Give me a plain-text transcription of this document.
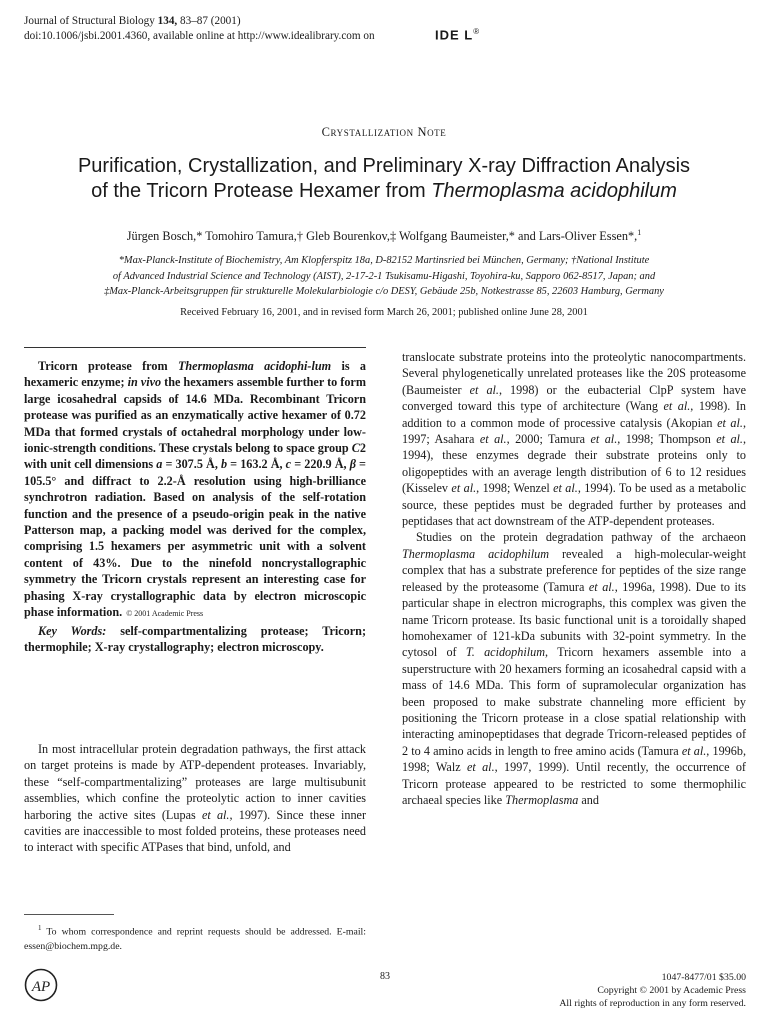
Journal of Structural Biology 134, 83–87 (2001)
doi:10.1006/jsbi.2001.4360, available online at http://www.idealibrary.com on	IDE L®
Crystallization Note
Purification, Crystallization, and Preliminary X-ray Diffraction Analysis
of the Tricorn Protease Hexamer from Thermoplasma acidophilum
Jürgen Bosch,* Tomohiro Tamura,† Gleb Bourenkov,‡ Wolfgang Baumeister,* and Lars-Oliver Essen*,$^1$
*Max-Planck-Institute of Biochemistry, Am Klopferspitz 18a, D-82152 Martinsried bei München, Germany; †National Institute
of Advanced Industrial Science and Technology (AIST), 2-17-2-1 Tsukisamu-Higashi, Toyohira-ku, Sapporo 062-8517, Japan; and
‡Max-Planck-Arbeitsgruppen für strukturelle Molekularbiologie c/o DESY, Gebäude 25b, Notkestrasse 85, 22603 Hamburg, Germany
Received February 16, 2001, and in revised form March 26, 2001; published online June 28, 2001

Tricorn protease from Thermoplasma acidophi-lum is a hexameric enzyme; in vivo the hexamers assemble further to form large icosahedral capsids of 14.6 MDa. Recombinant Tricorn protease was purified as an enzymatically active hexamer of 0.72 MDa that formed crystals of octahedral morphology under low-ionic-strength conditions. These crystals belong to space group C2 with unit cell dimensions a = 307.5 Å, b = 163.2 Å, c = 220.9 Å, β = 105.5° and diffract to 2.2-Å resolution using high-brilliance synchrotron radiation. Based on analysis of the self-rotation function and the presence of a pseudo-origin peak in the native Patterson map, a packing model was derived for the complex, comprising 1.5 hexamers per asymmetric unit with a solvent content of 43%. Due to the ninefold noncrystallographic symmetry the Tricorn crystals represent an interesting case for phasing X-ray crystallographic data by electron microscopic phase information. © 2001 Academic Press

Key Words: self-compartmentalizing protease; Tricorn; thermophile; X-ray crystallography; electron microscopy.

In most intracellular protein degradation pathways, the first attack on target proteins is made by ATP-dependent proteases. Invariably, these “self-compartmentalizing” proteases are large multisubunit assemblies, which confine the proteolytic action to inner cavities harboring the active sites (Lupas et al., 1997). Since these inner cavities are inaccessible to most folded proteins, these proteases need to interact with specific ATPases that bind, unfold, and

$^1$ To whom correspondence and reprint requests should be addressed. E-mail: essen@biochem.mpg.de.

translocate substrate proteins into the proteolytic nanocompartments. Several phylogenetically unrelated proteases like the 20S proteasome (Baumeister et al., 1998) or the eubacterial ClpP system have converged toward this type of architecture (Wang et al., 1998). In addition to a common mode of processive catalysis (Akopian et al., 1997; Asahara et al., 2000; Tamura et al., 1998; Thompson et al., 1994), these enzymes degrade their substrate proteins only to oligopeptides with an average length distribution of 6 to 12 residues (Kisselev et al., 1998; Wenzel et al., 1994). To be used as a metabolic source, these peptides must be degraded further by proteases and peptidases that act downstream of the ATP-dependent proteases.

Studies on the protein degradation pathway of the archaeon Thermoplasma acidophilum revealed a high-molecular-weight complex that has a substrate preference for peptides of the size range released by the proteasome (Tamura et al., 1996a, 1998). Due to its particular shape in electron micrographs, this complex was given the name Tricorn protease. Its basic functional unit is a toroidally shaped homohexamer of 121-kDa subunits with 32-point symmetry. In the cytosol of T. acidophilum, Tricorn hexamers assemble into a superstructure with 20 hexamers forming an icosahedral capsid with a mass of 14.6 MDa. This form of supramolecular organization has been proposed to make substrate channeling more efficient by positioning the Tricorn protease in a close spatial relationship with interacting aminopeptidases that degrade Tricorn-released peptides of 2 to 4 amino acids in length to free amino acids (Tamura et al., 1996b, 1998; Walz et al., 1997, 1999). Until recently, the occurrence of Tricorn protease appeared to be restricted to some thermophilic archaeal species like Thermoplasma and

AP
83	1047-8477/01 $35.00
Copyright © 2001 by Academic Press
All rights of reproduction in any form reserved.
